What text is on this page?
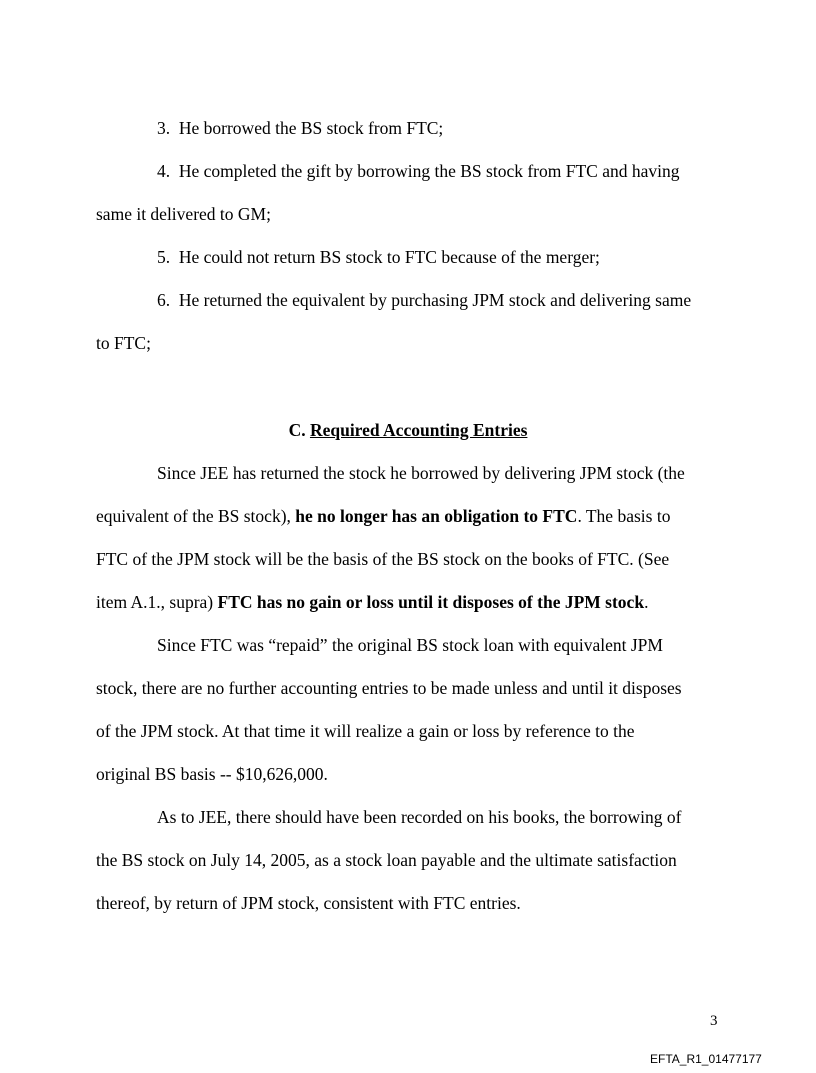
3. He borrowed the BS stock from FTC;

4. He completed the gift by borrowing the BS stock from FTC and having

same it delivered to GM;

5. He could not return BS stock to FTC because of the merger;

6. He returned the equivalent by purchasing JPM stock and delivering same

to FTC;

C. Required Accounting Entries

Since JEE has returned the stock he borrowed by delivering JPM stock (the

equivalent of the BS stock), he no longer has an obligation to FTC. The basis to

FTC of the JPM stock will be the basis of the BS stock on the books of FTC. (See

item A.1., supra) FTC has no gain or loss until it disposes of the JPM stock.

Since FTC was “repaid” the original BS stock loan with equivalent JPM

stock, there are no further accounting entries to be made unless and until it disposes

of the JPM stock. At that time it will realize a gain or loss by reference to the

original BS basis -- $10,626,000.

As to JEE, there should have been recorded on his books, the borrowing of

the BS stock on July 14, 2005, as a stock loan payable and the ultimate satisfaction

thereof, by return of JPM stock, consistent with FTC entries.

3
EFTA_R1_01477177
